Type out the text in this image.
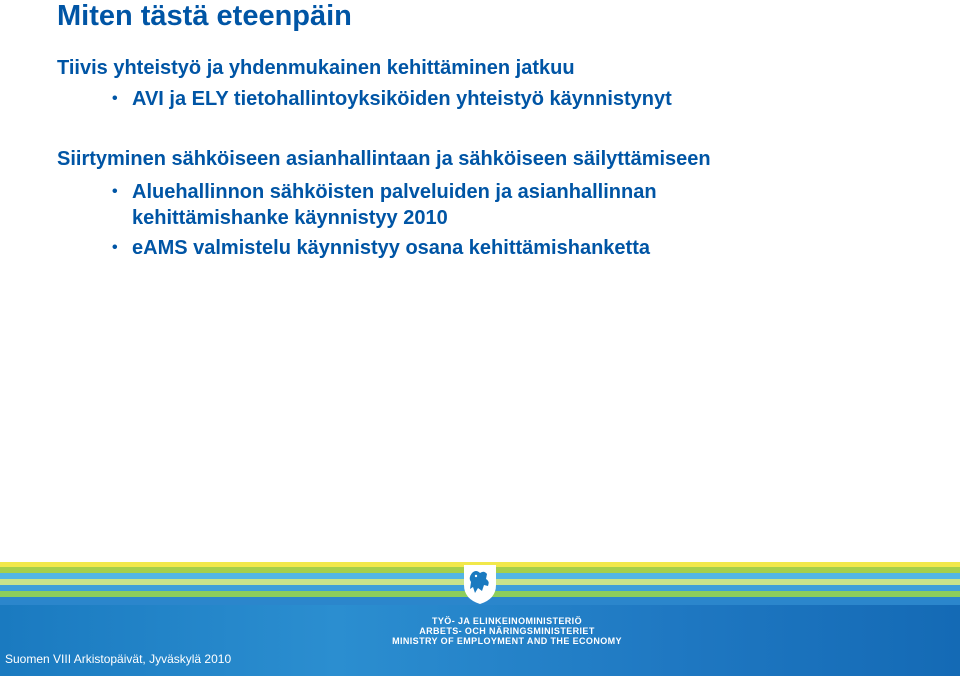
Miten tästä eteenpäin
Tiivis yhteistyö ja yhdenmukainen kehittäminen jatkuu
• AVI ja ELY tietohallintoyksiköiden yhteistyö käynnistynyt
Siirtyminen sähköiseen asianhallintaan ja sähköiseen säilyttämiseen
• Aluehallinnon sähköisten palveluiden ja asianhallinnan
kehittämishanke käynnistyy 2010
• eAMS valmistelu käynnistyy osana kehittämishanketta
TYÖ- JA ELINKEINOMINISTERIÖ
ARBETS- OCH NÄRINGSMINISTERIET
MINISTRY OF EMPLOYMENT AND THE ECONOMY
Suomen VIII Arkistopäivät, Jyväskylä 2010
